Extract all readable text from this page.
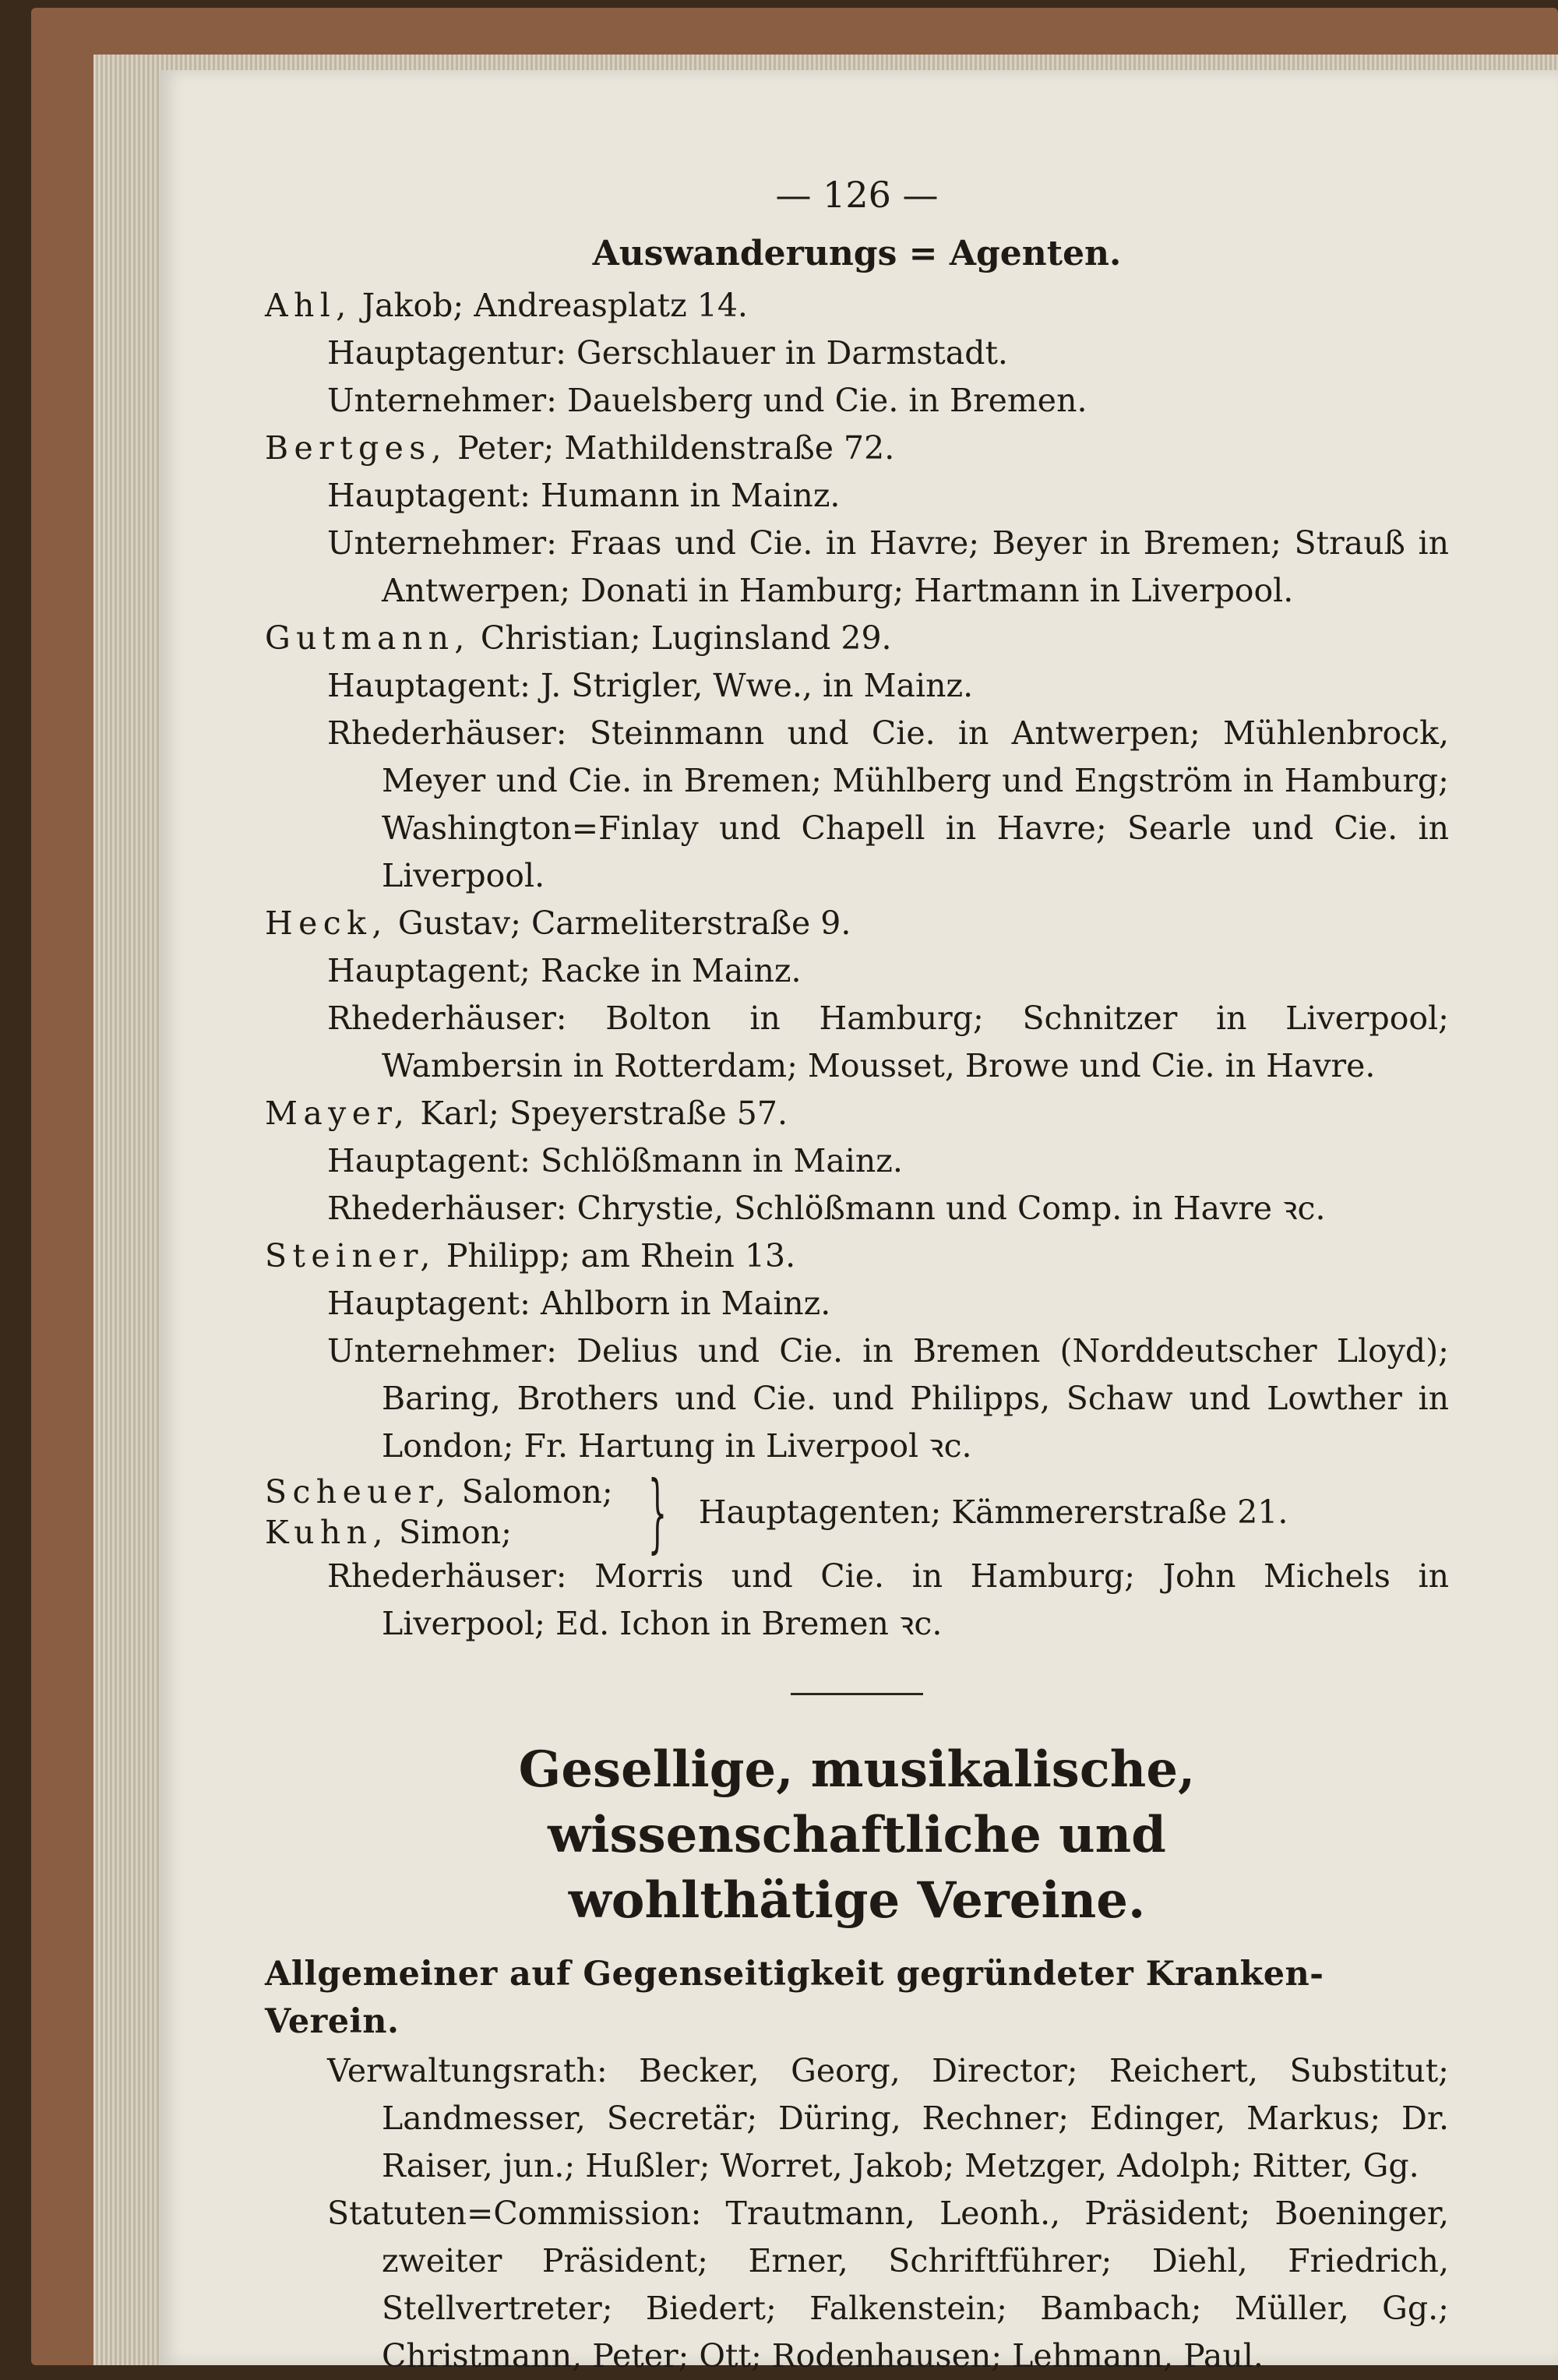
— 126 —
Auswanderungs = Agenten.
Ahl, Jakob; Andreasplatz 14.
Hauptagentur: Gerschlauer in Darmstadt.
Unternehmer: Dauelsberg und Cie. in Bremen.
Bertges, Peter; Mathildenstraße 72.
Hauptagent: Humann in Mainz.
Unternehmer: Fraas und Cie. in Havre; Beyer in Bremen; Strauß in Antwerpen; Donati in Hamburg; Hartmann in Liverpool.
Gutmann, Christian; Luginsland 29.
Hauptagent: J. Strigler, Wwe., in Mainz.
Rhederhäuser: Steinmann und Cie. in Antwerpen; Mühlenbrock, Meyer und Cie. in Bremen; Mühlberg und Engström in Hamburg; Washington=Finlay und Chapell in Havre; Searle und Cie. in Liverpool.
Heck, Gustav; Carmeliterstraße 9.
Hauptagent; Racke in Mainz.
Rhederhäuser: Bolton in Hamburg; Schnitzer in Liverpool; Wambersin in Rotterdam; Mousset, Browe und Cie. in Havre.
Mayer, Karl; Speyerstraße 57.
Hauptagent: Schlößmann in Mainz.
Rhederhäuser: Chrystie, Schlößmann und Comp. in Havre ꝛc.
Steiner, Philipp; am Rhein 13.
Hauptagent: Ahlborn in Mainz.
Unternehmer: Delius und Cie. in Bremen (Norddeutscher Lloyd); Baring, Brothers und Cie. und Philipps, Schaw und Lowther in London; Fr. Hartung in Liverpool ꝛc.
Scheuer, Salomon;
Kuhn, Simon;	} Hauptagenten; Kämmererstraße 21.
Rhederhäuser: Morris und Cie. in Hamburg; John Michels in Liverpool; Ed. Ichon in Bremen ꝛc.
Gesellige, musikalische, wissenschaftliche und
wohlthätige Vereine.
Allgemeiner auf Gegenseitigkeit gegründeter Kranken-Verein.
Verwaltungsrath: Becker, Georg, Director; Reichert, Substitut; Landmesser, Secretär; Düring, Rechner; Edinger, Markus; Dr. Raiser, jun.; Hußler; Worret, Jakob; Metzger, Adolph; Ritter, Gg.
Statuten=Commission: Trautmann, Leonh., Präsident; Boeninger, zweiter Präsident; Erner, Schriftführer; Diehl, Friedrich, Stellvertreter; Biedert; Falkenstein; Bambach; Müller, Gg.; Christmann, Peter; Ott; Rodenhausen; Lehmann, Paul.
